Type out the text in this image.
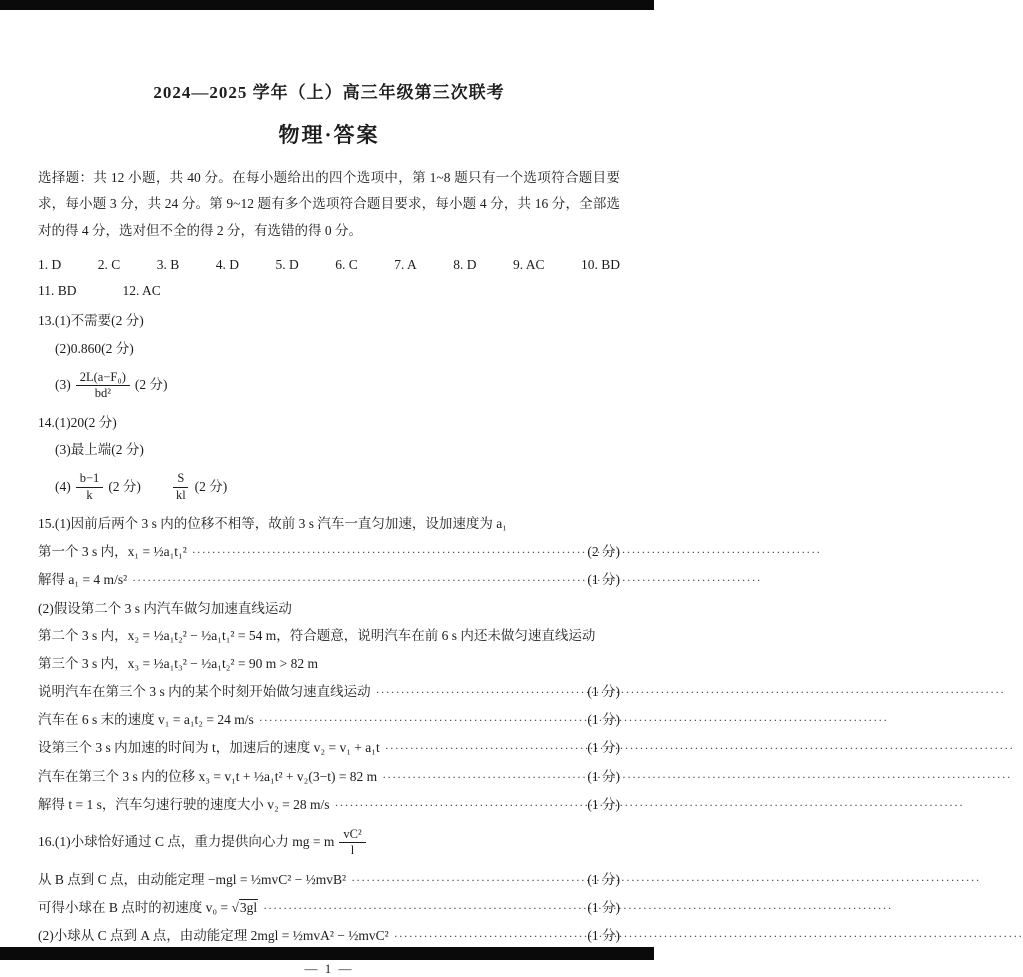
2024—2025 学年（上）高三年级第三次联考
物理·答案

选择题：共 12 小题，共 40 分。在每小题给出的四个选项中，第 1~8 题只有一个选项符合题目要求，每小题 3 分，共 24 分。第 9~12 题有多个选项符合题目要求，每小题 4 分，共 16 分，全部选对的得 4 分，选对但不全的得 2 分，有选错的得 0 分。

1. D	2. C	3. B	4. D	5. D	6. C	7. A	8. D	9. AC	10. BD
11. BD	12. AC
13.(1)不需要(2 分)
(2)0.860(2 分)
$(3) \frac{\text{2L(a−F₀)}}{\text{bd²}} (2$ 分)
14.(1)20(2 分)
(3)最上端(2 分)
$(4) \frac{b-1}{k} (2$ 分) $\frac{S}{kl} (2$ 分)
15.(1)因前后两个 3 s 内的位移不相等，故前 3 s 汽车一直匀加速，设加速度为 a₁
第一个 3 s 内，x₁ = ½a₁t₁² ·····	(2 分)
解得 a₁ = 4 m/s² ·····	(1 分)
(2)假设第二个 3 s 内汽车做匀加速直线运动
第二个 3 s 内，x₂ = ½a₁t₂² − ½a₁t₁² = 54 m，符合题意，说明汽车在前 6 s 内还未做匀速直线运动
第三个 3 s 内，x₃ = ½a₁t₃² − ½a₁t₂² = 90 m > 82 m
说明汽车在第三个 3 s 内的某个时刻开始做匀速直线运动 ·····	(1 分)
汽车在 6 s 末的速度 v₁ = a₁t₂ = 24 m/s ·····	(1 分)
设第三个 3 s 内加速的时间为 t，加速后的速度 v₂ = v₁ + a₁t ·····	(1 分)
汽车在第三个 3 s 内的位移 x₃ = v₁t + ½a₁t² + v₂(3−t) = 82 m ·····	(1 分)
解得 t = 1 s，汽车匀速行驶的速度大小 v₂ = 28 m/s ·····	(1 分)
16.(1)小球恰好通过 C 点，重力提供向心力 mg = m $\frac{\text{vC²}}{l}$
从 B 点到 C 点，由动能定理 −mgl = ½mvC² − ½mvB² ·····	(1 分)
可得小球在 B 点时的初速度 v₀ = √3gl ·····	(1 分)
(2)小球从 C 点到 A 点，由动能定理 2mgl = ½mvA² − ½mvC² ·····	(1 分)
— 1 —
